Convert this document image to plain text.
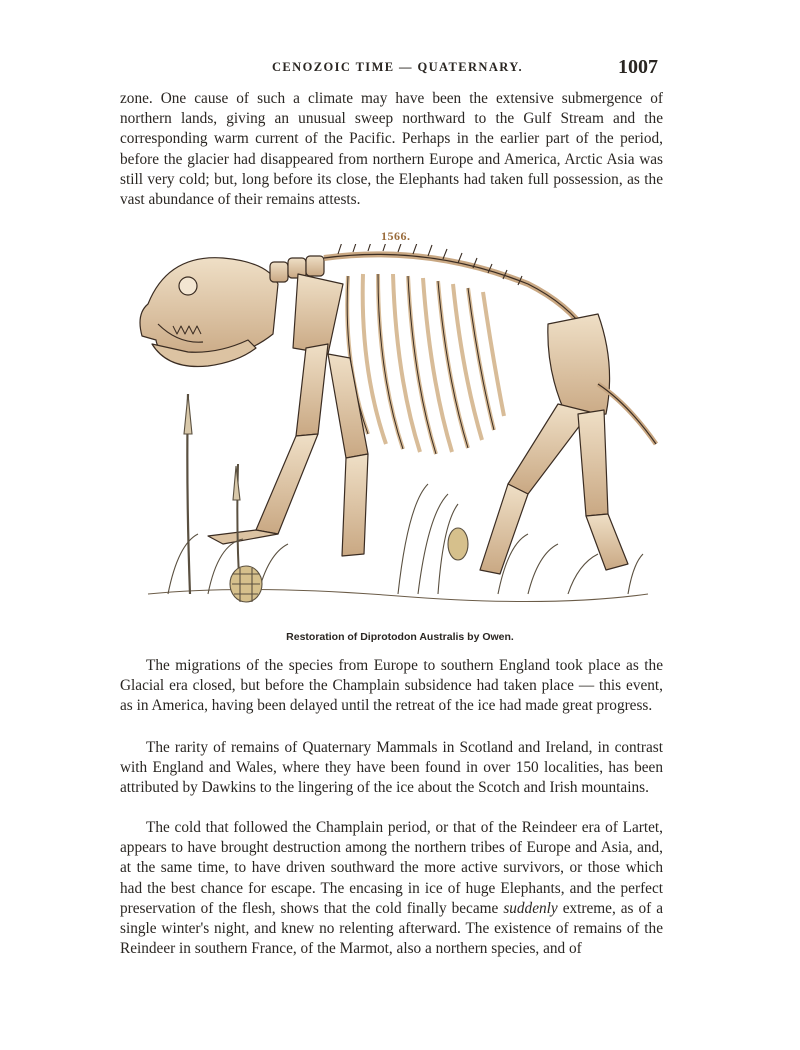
CENOZOIC TIME — QUATERNARY.	1007

zone. One cause of such a climate may have been the extensive submergence of northern lands, giving an unusual sweep northward to the Gulf Stream and the corresponding warm current of the Pacific. Perhaps in the earlier part of the period, before the glacier had disappeared from northern Europe and America, Arctic Asia was still very cold; but, long before its close, the Elephants had taken full possession, as the vast abundance of their remains attests.

1566.
Restoration of Diprotodon Australis by Owen.

The migrations of the species from Europe to southern England took place as the Glacial era closed, but before the Champlain subsidence had taken place — this event, as in America, having been delayed until the retreat of the ice had made great progress.

The rarity of remains of Quaternary Mammals in Scotland and Ireland, in contrast with England and Wales, where they have been found in over 150 localities, has been attributed by Dawkins to the lingering of the ice about the Scotch and Irish mountains.

The cold that followed the Champlain period, or that of the Reindeer era of Lartet, appears to have brought destruction among the northern tribes of Europe and Asia, and, at the same time, to have driven southward the more active survivors, or those which had the best chance for escape. The encasing in ice of huge Elephants, and the perfect preservation of the flesh, shows that the cold finally became suddenly extreme, as of a single winter's night, and knew no relenting afterward. The existence of remains of the Reindeer in southern France, of the Marmot, also a northern species, and of
